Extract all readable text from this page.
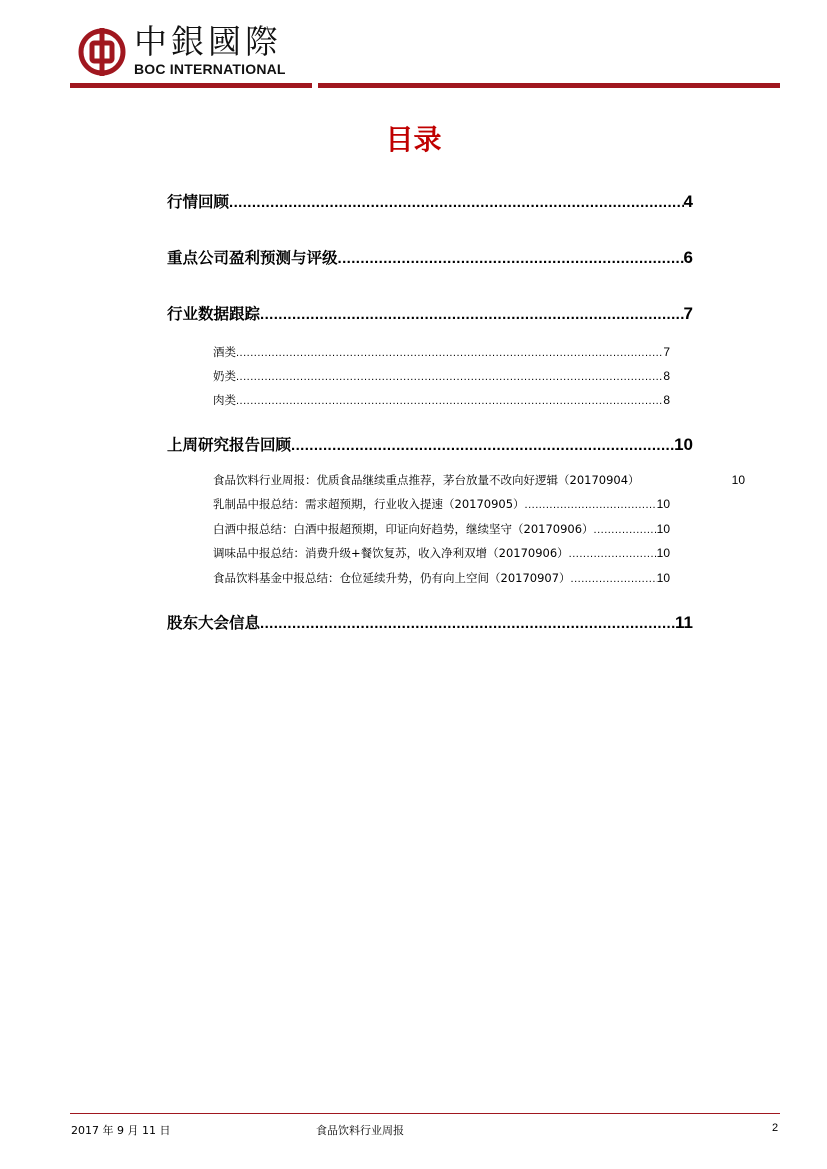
中銀國際
BOC INTERNATIONAL
目录
行情回顾 .....	4
重点公司盈利预测与评级 .....	6
行业数据跟踪 .....	7
酒类 .....	7
奶类 .....	8
肉类 .....	8
上周研究报告回顾 .....	10
食品饮料行业周报：优质食品继续重点推荐，茅台放量不改向好逻辑（20170904）	10
乳制品中报总结：需求超预期，行业收入提速（20170905） .....	10
白酒中报总结：白酒中报超预期，印证向好趋势，继续坚守（20170906） .....	10
调味品中报总结：消费升级+餐饮复苏，收入净利双增（20170906） .....	10
食品饮料基金中报总结：仓位延续升势，仍有向上空间（20170907） .....	10
股东大会信息 .....	11
2017 年 9 月 11 日	食品饮料行业周报	2
